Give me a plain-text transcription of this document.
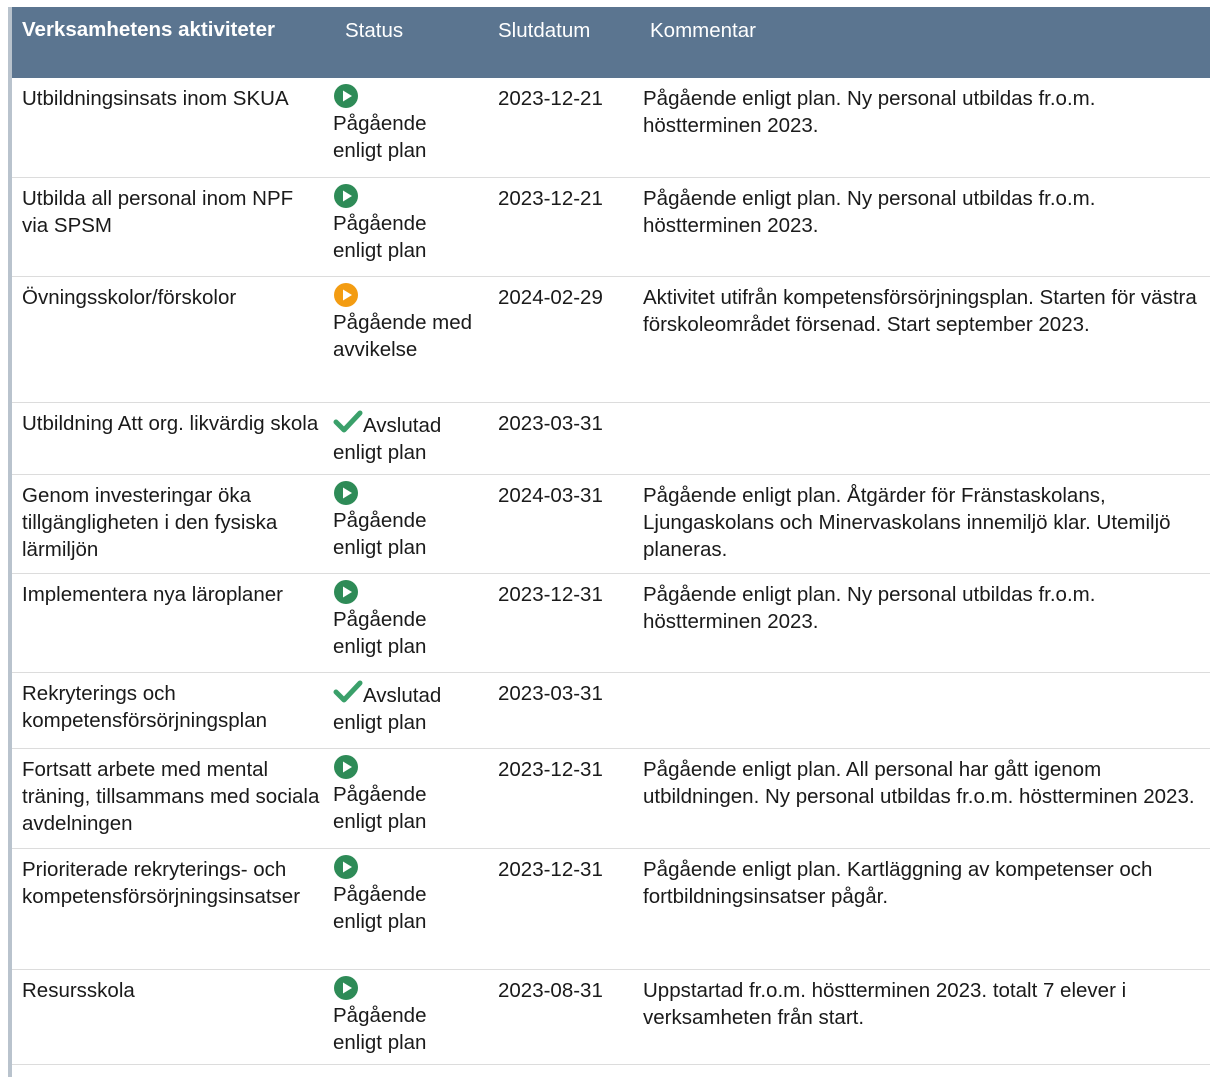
Verksamhetens aktiviteter	Status	Slutdatum	Kommentar
Utbildningsinsats inom SKUA	Pågående enligt plan	2023-12-21	Pågående enligt plan. Ny personal utbildas fr.o.m. höstterminen 2023.
Utbilda all personal inom NPF via SPSM	Pågående enligt plan	2023-12-21	Pågående enligt plan. Ny personal utbildas fr.o.m. höstterminen 2023.
Övningsskolor/förskolor	Pågående med avvikelse	2024-02-29	Aktivitet utifrån kompetensförsörjningsplan. Starten för västra förskoleområdet försenad. Start september 2023.
Utbildning Att org. likvärdig skola	Avslutad enligt plan	2023-03-31	
Genom investeringar öka tillgängligheten i den fysiska lärmiljön	Pågående enligt plan	2024-03-31	Pågående enligt plan. Åtgärder för Fränstaskolans, Ljungaskolans och Minervaskolans innemiljö klar. Utemiljö planeras.
Implementera nya läroplaner	Pågående enligt plan	2023-12-31	Pågående enligt plan. Ny personal utbildas fr.o.m. höstterminen 2023.
Rekryterings och kompetensförsörjningsplan	Avslutad enligt plan	2023-03-31	
Fortsatt arbete med mental träning, tillsammans med sociala avdelningen	Pågående enligt plan	2023-12-31	Pågående enligt plan. All personal har gått igenom utbildningen. Ny personal utbildas fr.o.m. höstterminen 2023.
Prioriterade rekryterings- och kompetensförsörjningsinsatser	Pågående enligt plan	2023-12-31	Pågående enligt plan. Kartläggning av kompetenser och fortbildningsinsatser pågår.
Resursskola	Pågående enligt plan	2023-08-31	Uppstartad fr.o.m. höstterminen 2023. totalt 7 elever i verksamheten från start.
